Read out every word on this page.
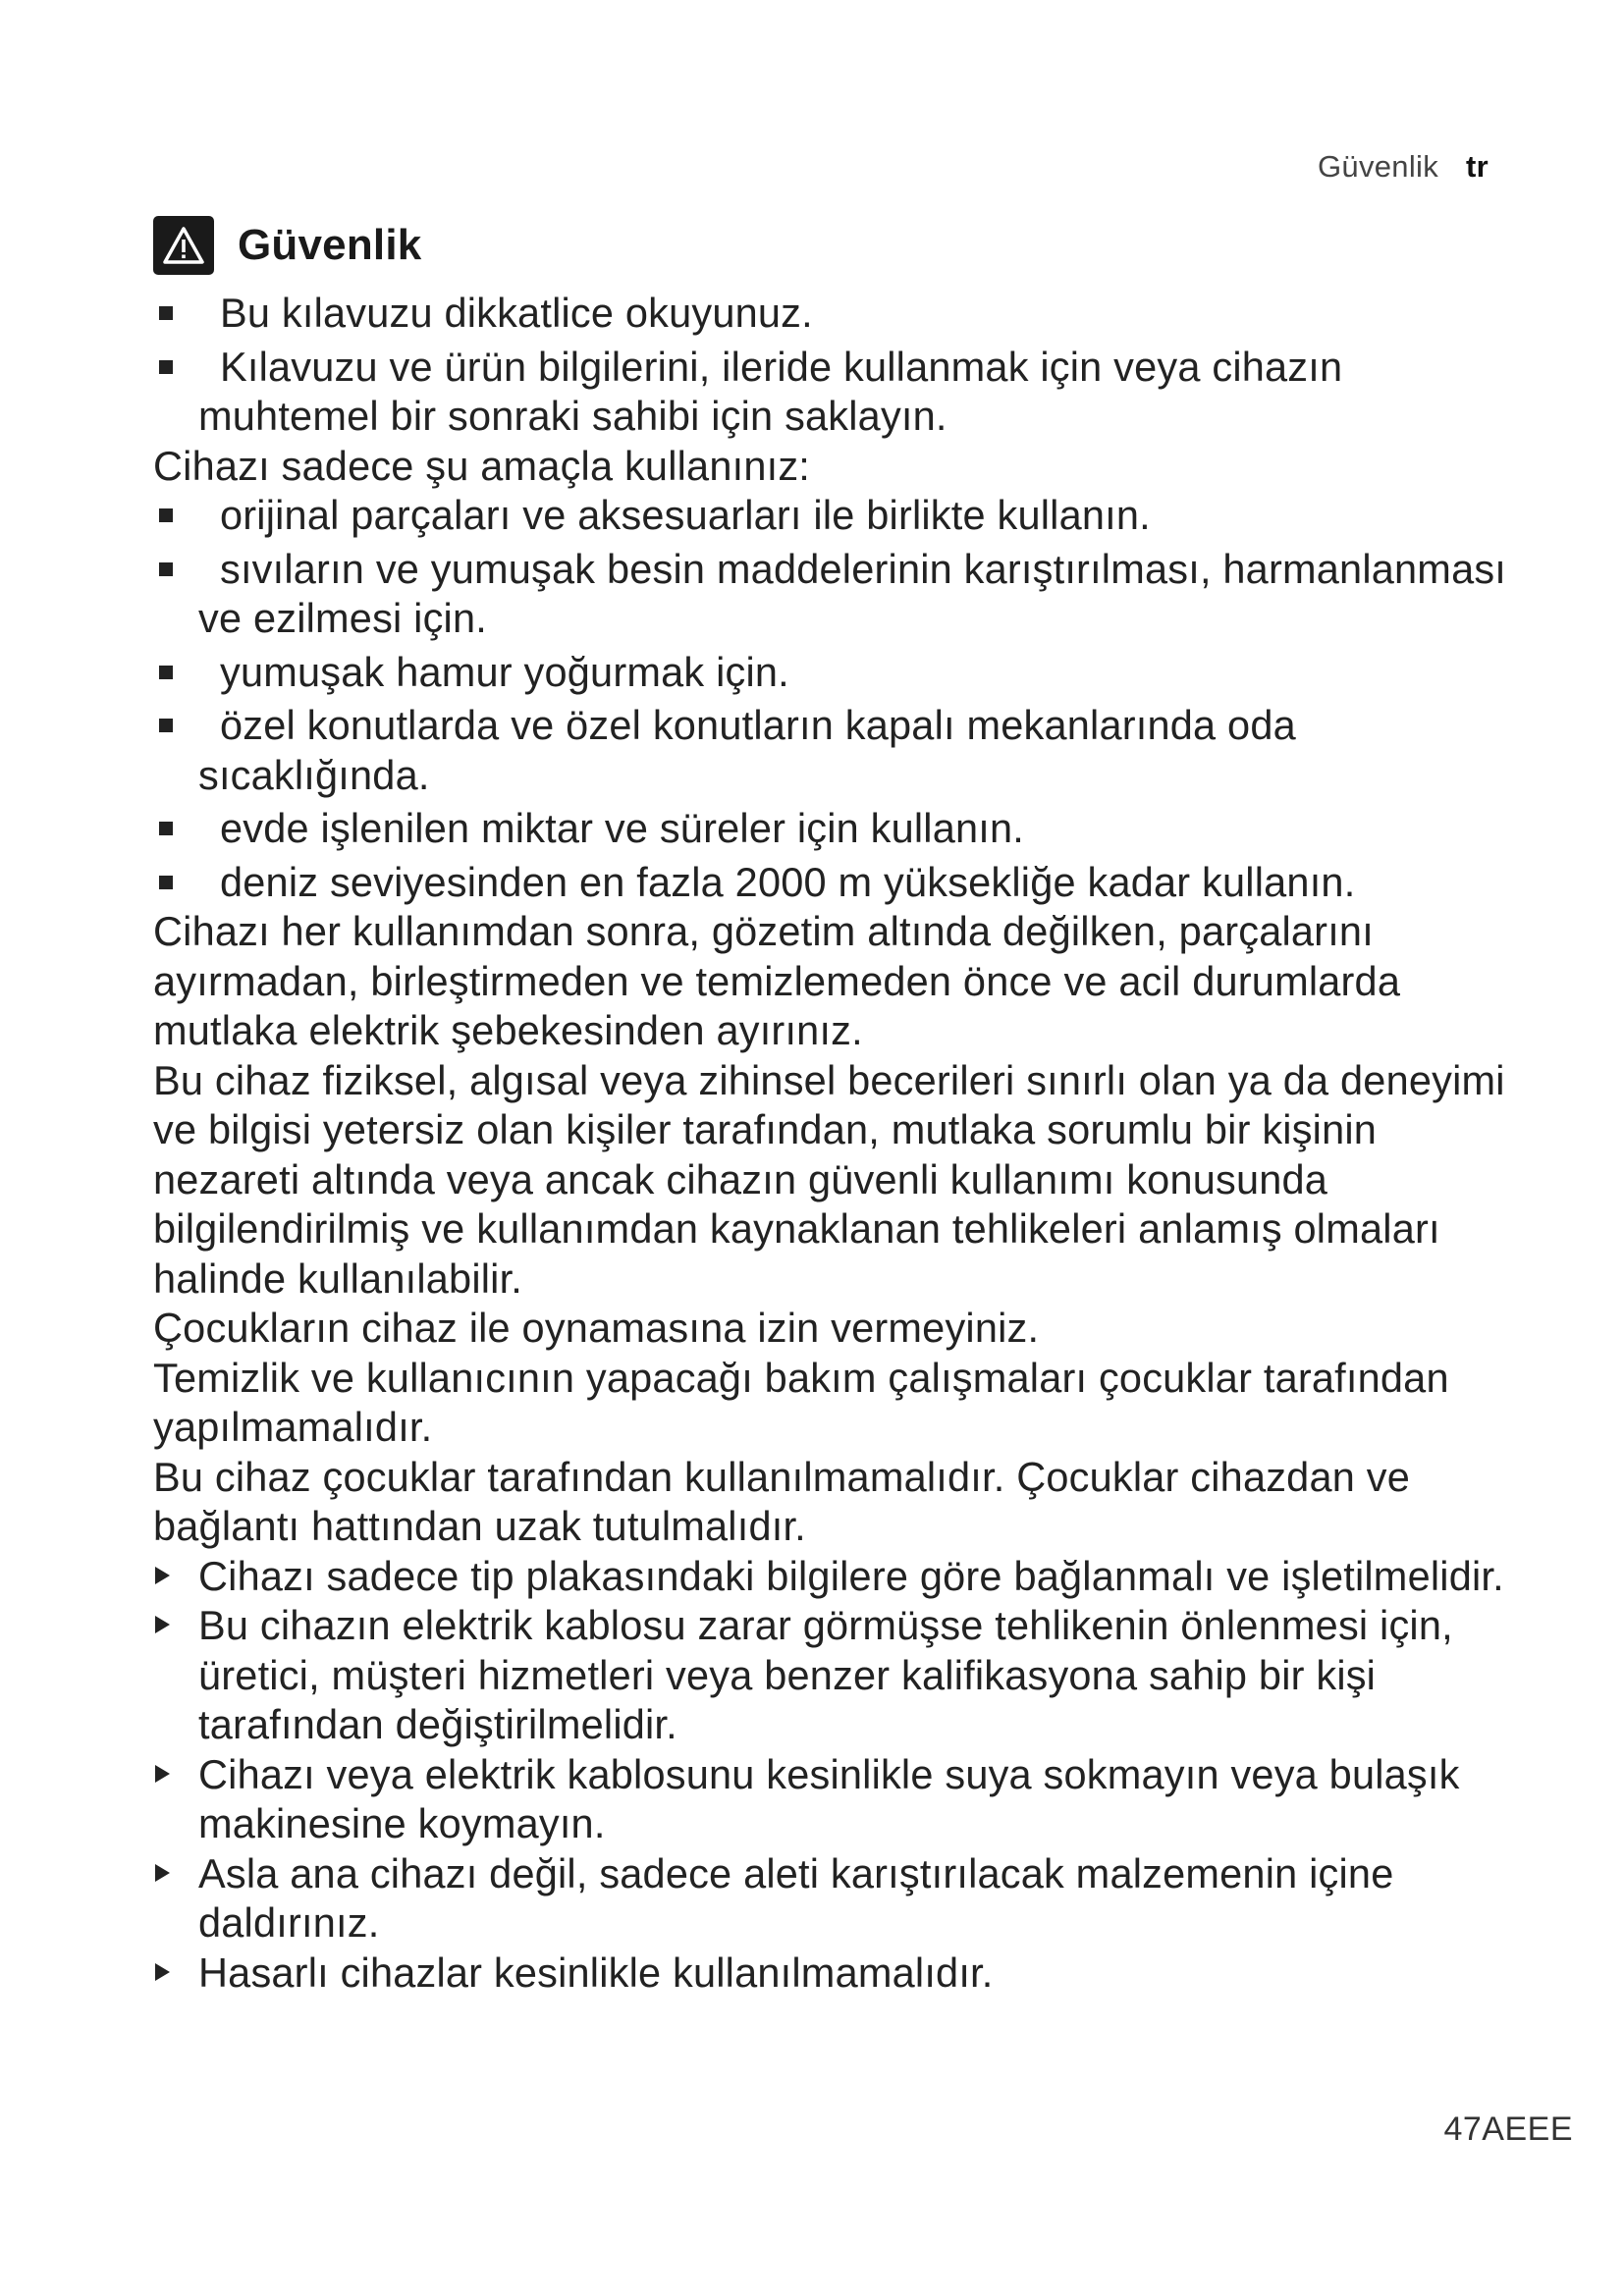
Güvenlik tr
Güvenlik
Bu kılavuzu dikkatlice okuyunuz.
Kılavuzu ve ürün bilgilerini, ileride kullanmak için veya cihazın muhtemel bir sonraki sahibi için saklayın.
Cihazı sadece şu amaçla kullanınız:
orijinal parçaları ve aksesuarları ile birlikte kullanın.
sıvıların ve yumuşak besin maddelerinin karıştırılması, harmanlanması ve ezilmesi için.
yumuşak hamur yoğurmak için.
özel konutlarda ve özel konutların kapalı mekanlarında oda sıcaklığında.
evde işlenilen miktar ve süreler için kullanın.
deniz seviyesinden en fazla 2000 m yüksekliğe kadar kullanın.
Cihazı her kullanımdan sonra, gözetim altında değilken, parçalarını ayırmadan, birleştirmeden ve temizlemeden önce ve acil durumlarda mutlaka elektrik şebekesinden ayırınız.
Bu cihaz fiziksel, algısal veya zihinsel becerileri sınırlı olan ya da deneyimi ve bilgisi yetersiz olan kişiler tarafından, mutlaka sorumlu bir kişinin nezareti altında veya ancak cihazın güvenli kullanımı konusunda bilgilendirilmiş ve kullanımdan kaynaklanan tehlikeleri anlamış olmaları halinde kullanılabilir.
Çocukların cihaz ile oynamasına izin vermeyiniz.
Temizlik ve kullanıcının yapacağı bakım çalışmaları çocuklar tarafından yapılmamalıdır.
Bu cihaz çocuklar tarafından kullanılmamalıdır. Çocuklar cihazdan ve bağlantı hattından uzak tutulmalıdır.
Cihazı sadece tip plakasındaki bilgilere göre bağlanmalı ve işletilmelidir.
Bu cihazın elektrik kablosu zarar görmüşse tehlikenin önlenmesi için, üretici, müşteri hizmetleri veya benzer kalifikasyona sahip bir kişi tarafından değiştirilmelidir.
Cihazı veya elektrik kablosunu kesinlikle suya sokmayın veya bulaşık makinesine koymayın.
Asla ana cihazı değil, sadece aleti karıştırılacak malzemenin içine daldırınız.
Hasarlı cihazlar kesinlikle kullanılmamalıdır.
47AEEE
